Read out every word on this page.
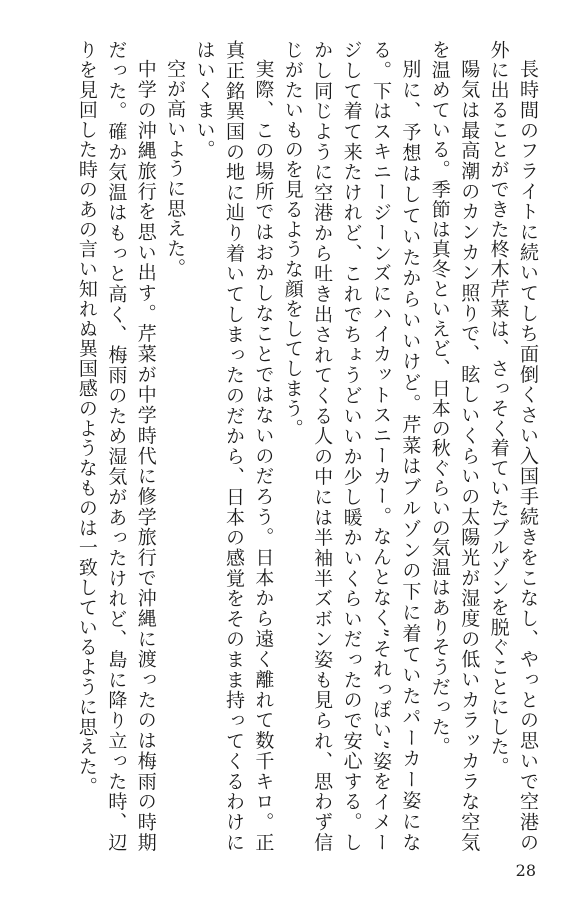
長時間のフライトに続いてしち面倒くさい入国手続きをこなし、やっとの思いで空港の外に出ることができた柊木芹菜は、さっそく着ていたブルゾンを脱ぐことにした。

陽気は最高潮のカンカン照りで、眩しいくらいの太陽光が湿度の低いカラッカラな空気を温めている。季節は真冬といえど、日本の秋ぐらいの気温はありそうだった。

別に、予想はしていたからいいけど。芹菜はブルゾンの下に着ていたパーカー姿になる。下はスキニージーンズにハイカットスニーカー。なんとなく”それっぽい”姿をイメージして着て来たけれど、これでちょうどいいか少し暖かいくらいだったので安心する。しかし同じように空港から吐き出されてくる人の中には半袖半ズボン姿も見られ、思わず信じがたいものを見るような顔をしてしまう。

実際、この場所ではおかしなことではないのだろう。日本から遠く離れて数千キロ。正真正銘異国の地に辿り着いてしまったのだから、日本の感覚をそのまま持ってくるわけにはいくまい。

空が高いように思えた。

中学の沖縄旅行を思い出す。芹菜が中学時代に修学旅行で沖縄に渡ったのは梅雨の時期だった。確か気温はもっと高く、梅雨のため湿気があったけれど、島に降り立った時、辺りを見回した時のあの言い知れぬ異国感のようなものは一致しているように思えた。

28
